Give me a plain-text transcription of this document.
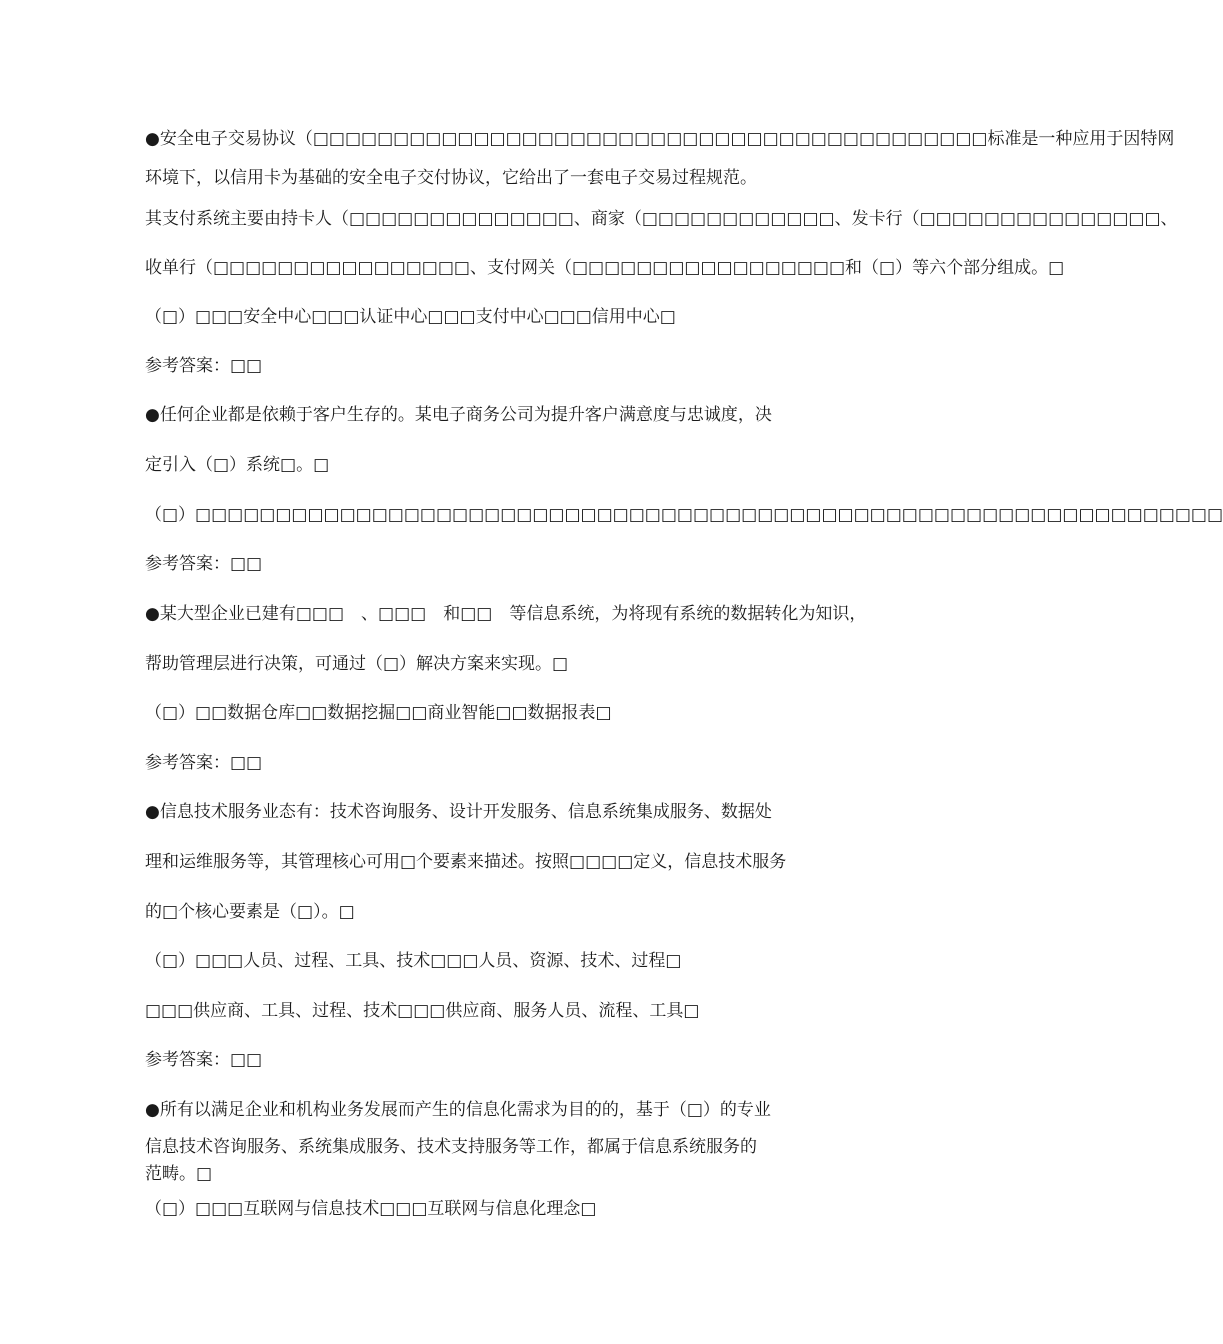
●安全电子交易协议（□□□□□□□□□□□□□□□□□□□□□□□□□□□□□□□□□□□□□□□□□□标准是一种应用于因特网
环境下，以信用卡为基础的安全电子交付协议，它给出了一套电子交易过程规范。
其支付系统主要由持卡人（□□□□□□□□□□□□□□、商家（□□□□□□□□□□□□、发卡行（□□□□□□□□□□□□□□□、
收单行（□□□□□□□□□□□□□□□□、支付网关（□□□□□□□□□□□□□□□□□和（□）等六个部分组成。□
（□）□□□安全中心□□□认证中心□□□支付中心□□□信用中心□
参考答案：□□
●任何企业都是依赖于客户生存的。某电子商务公司为提升客户满意度与忠诚度，决
定引入（□）系统□。□
（□）□□□□□□□□□□□□□□□□□□□□□□□□□□□□□□□□□□□□□□□□□□□□□□□□□□□□□□□□□□□□□□□□
参考答案：□□
●某大型企业已建有□□□　、□□□　和□□　等信息系统，为将现有系统的数据转化为知识，
帮助管理层进行决策，可通过（□）解决方案来实现。□
（□）□□数据仓库□□数据挖掘□□商业智能□□数据报表□
参考答案：□□
●信息技术服务业态有：技术咨询服务、设计开发服务、信息系统集成服务、数据处
理和运维服务等，其管理核心可用□个要素来描述。按照□□□□定义，信息技术服务
的□个核心要素是（□）。□
（□）□□□人员、过程、工具、技术□□□人员、资源、技术、过程□
□□□供应商、工具、过程、技术□□□供应商、服务人员、流程、工具□
参考答案：□□
●所有以满足企业和机构业务发展而产生的信息化需求为目的的，基于（□）的专业
信息技术咨询服务、系统集成服务、技术支持服务等工作，都属于信息系统服务的
范畴。□
（□）□□□互联网与信息技术□□□互联网与信息化理念□
